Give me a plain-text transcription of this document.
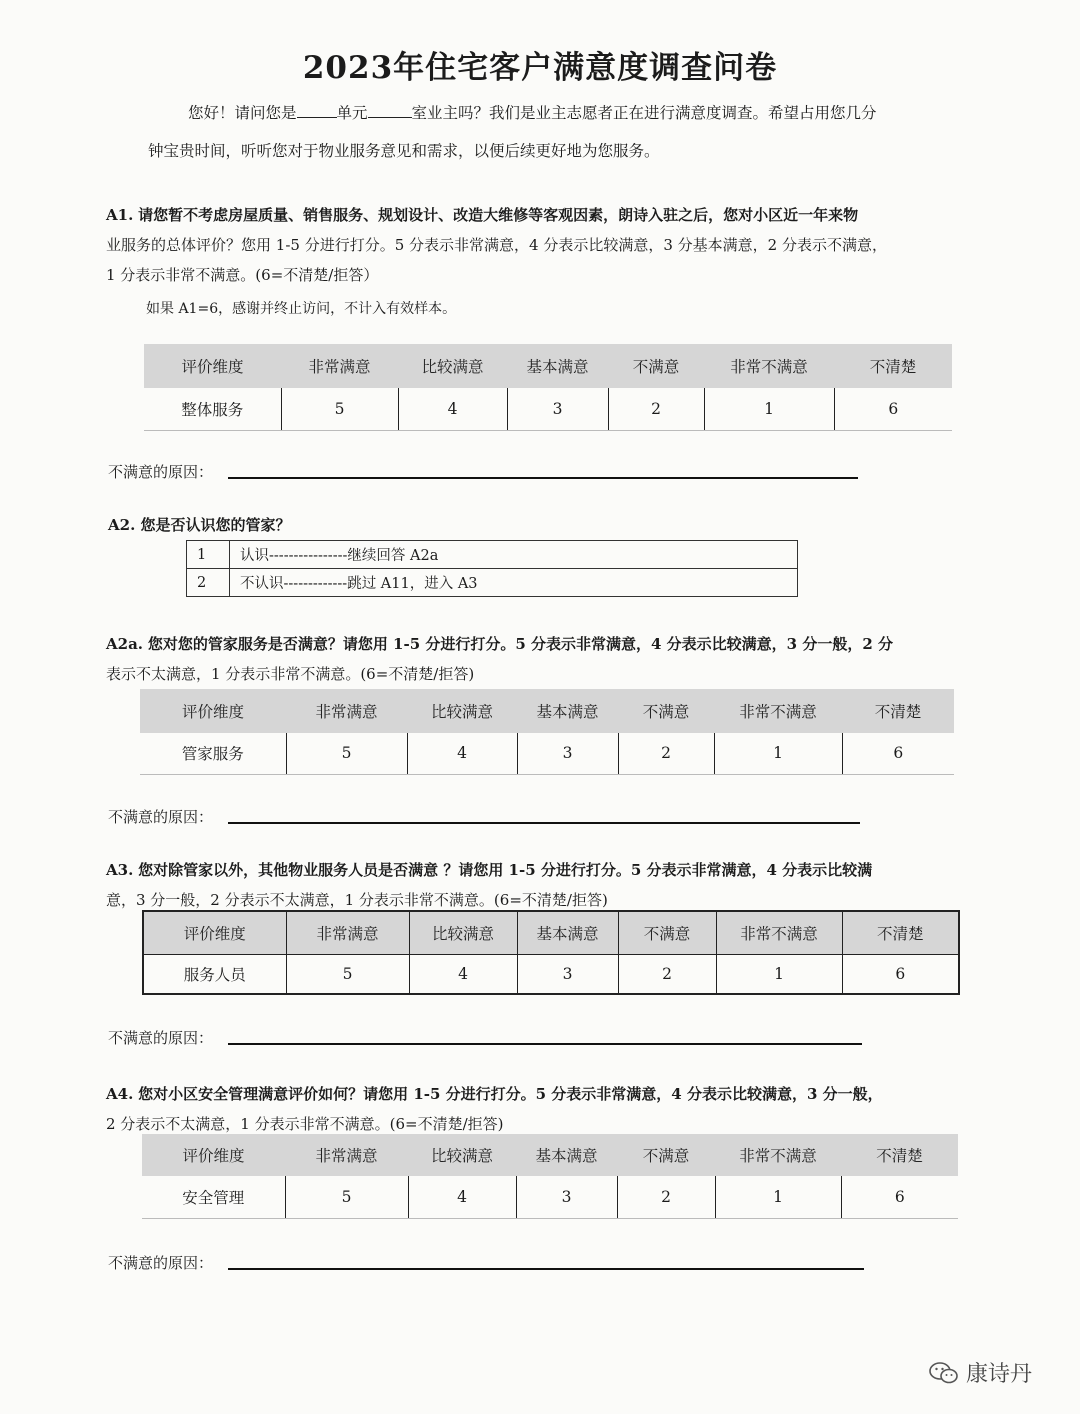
2023年住宅客户满意度调查问卷
您好！请问您是	单元	室业主吗？我们是业主志愿者正在进行满意度调查。希望占用您几分
钟宝贵时间，听听您对于物业服务意见和需求，以便后续更好地为您服务。
A1. 请您暂不考虑房屋质量、销售服务、规划设计、改造大维修等客观因素，朗诗入驻之后，您对小区近一年来物
业服务的总体评价？您用 1-5 分进行打分。5 分表示非常满意，4 分表示比较满意，3 分基本满意，2 分表示不满意，
1 分表示非常不满意。(6=不清楚/拒答）
如果 A1=6，感谢并终止访问，不计入有效样本。
评价维度	非常满意	比较满意	基本满意	不满意	非常不满意	不清楚
整体服务	5	4	3	2	1	6
不满意的原因：
A2. 您是否认识您的管家？
1	认识----------------继续回答 A2a
2	不认识-------------跳过 A11，进入 A3
A2a. 您对您的管家服务是否满意？请您用 1-5 分进行打分。5 分表示非常满意，4 分表示比较满意，3 分一般，2 分
表示不太满意，1 分表示非常不满意。(6=不清楚/拒答)
评价维度	非常满意	比较满意	基本满意	不满意	非常不满意	不清楚
管家服务	5	4	3	2	1	6
不满意的原因：
A3. 您对除管家以外，其他物业服务人员是否满意 ？请您用 1-5 分进行打分。5 分表示非常满意，4 分表示比较满
意，3 分一般，2 分表示不太满意，1 分表示非常不满意。(6=不清楚/拒答)
评价维度	非常满意	比较满意	基本满意	不满意	非常不满意	不清楚
服务人员	5	4	3	2	1	6
不满意的原因：
A4. 您对小区安全管理满意评价如何？请您用 1-5 分进行打分。5 分表示非常满意，4 分表示比较满意，3 分一般，
2 分表示不太满意，1 分表示非常不满意。(6=不清楚/拒答)
评价维度	非常满意	比较满意	基本满意	不满意	非常不满意	不清楚
安全管理	5	4	3	2	1	6
不满意的原因：
康诗丹
